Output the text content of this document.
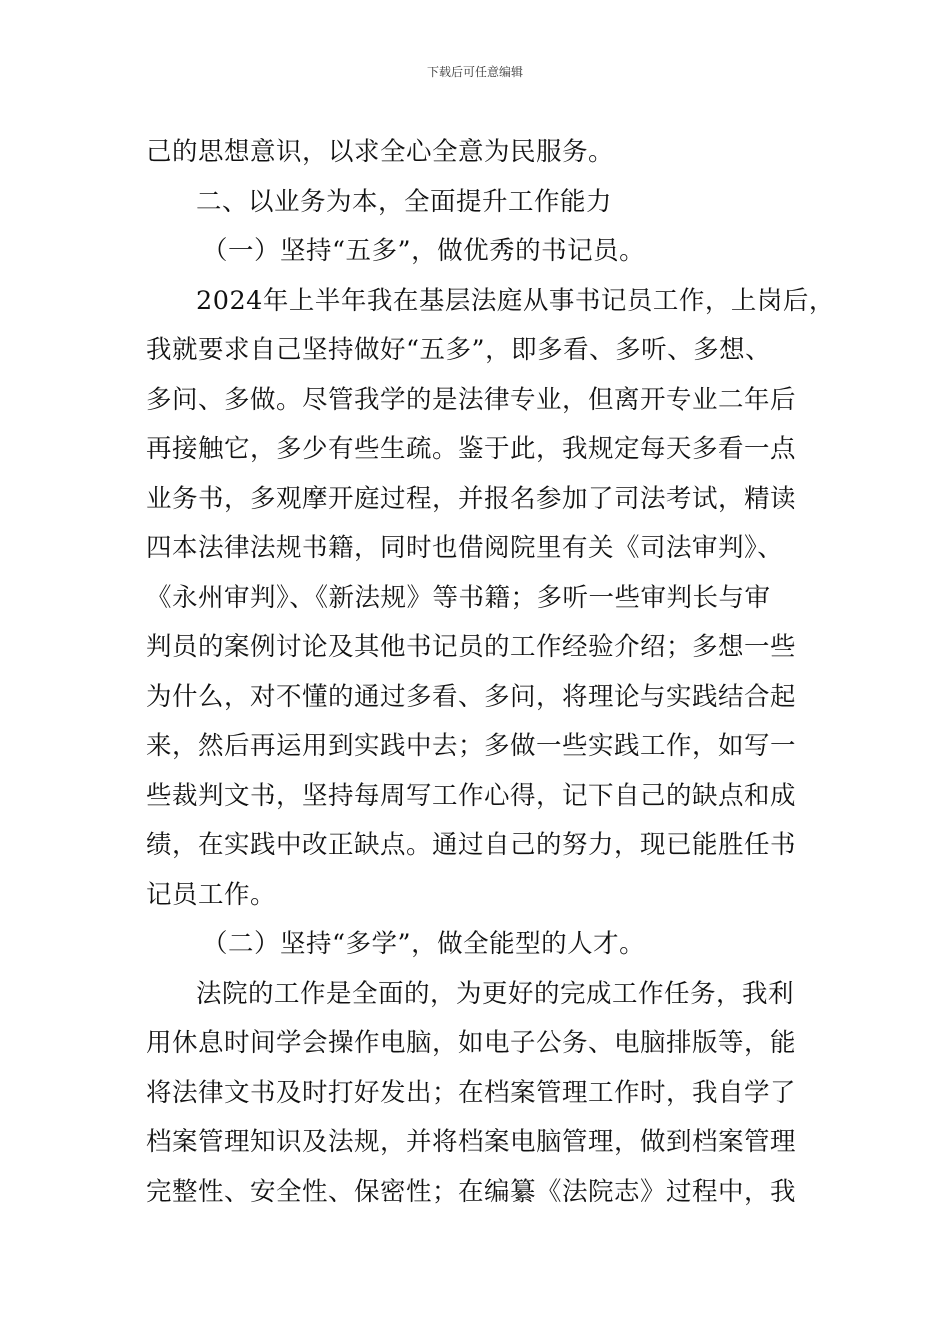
下载后可任意编辑
己的思想意识，以求全心全意为民服务。
二、以业务为本，全面提升工作能力
（一）坚持“五多”，做优秀的书记员。
2024年上半年我在基层法庭从事书记员工作，上岗后，
我就要求自己坚持做好“五多”，即多看、多听、多想、
多问、多做。尽管我学的是法律专业，但离开专业二年后
再接触它，多少有些生疏。鉴于此，我规定每天多看一点
业务书，多观摩开庭过程，并报名参加了司法考试，精读
四本法律法规书籍，同时也借阅院里有关《司法审判》、
《永州审判》、《新法规》等书籍；多听一些审判长与审
判员的案例讨论及其他书记员的工作经验介绍；多想一些
为什么，对不懂的通过多看、多问，将理论与实践结合起
来，然后再运用到实践中去；多做一些实践工作，如写一
些裁判文书，坚持每周写工作心得，记下自己的缺点和成
绩，在实践中改正缺点。通过自己的努力，现已能胜任书
记员工作。
（二）坚持“多学”，做全能型的人才。
法院的工作是全面的，为更好的完成工作任务，我利
用休息时间学会操作电脑，如电子公务、电脑排版等，能
将法律文书及时打好发出；在档案管理工作时，我自学了
档案管理知识及法规，并将档案电脑管理，做到档案管理
完整性、安全性、保密性；在编纂《法院志》过程中，我
